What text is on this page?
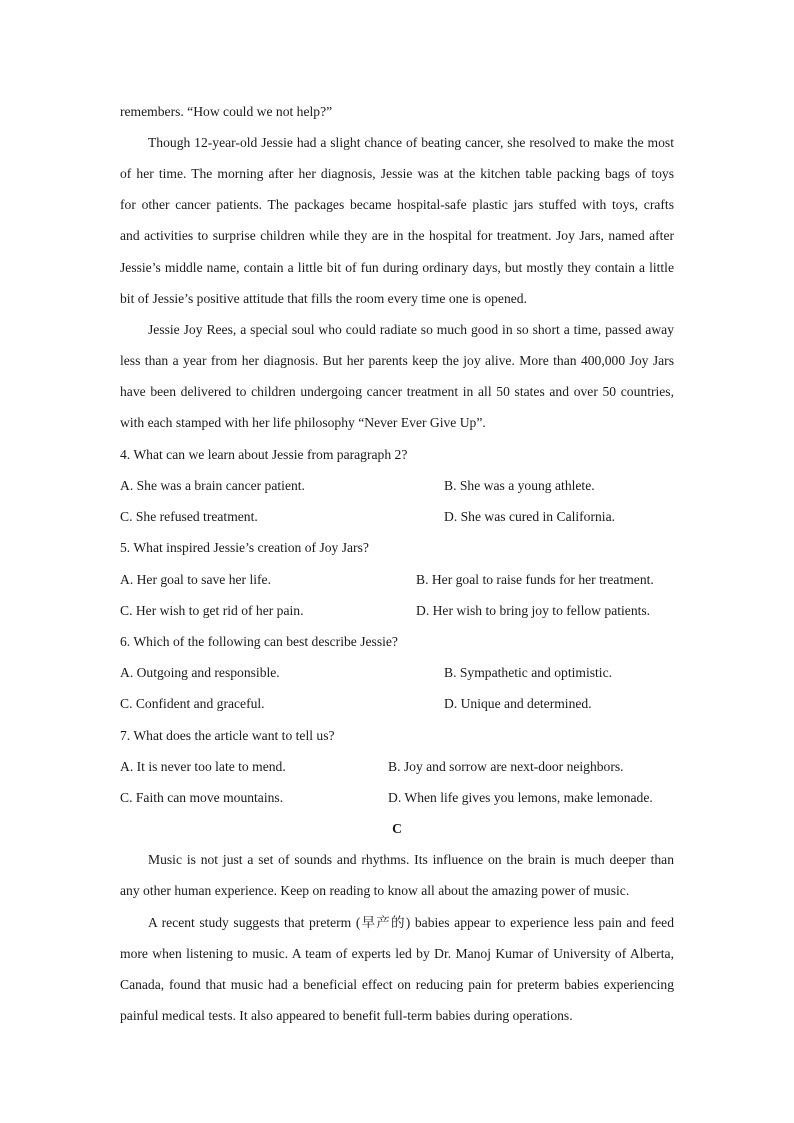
remembers. “How could we not help?”
Though 12-year-old Jessie had a slight chance of beating cancer, she resolved to make the most
of her time. The morning after her diagnosis, Jessie was at the kitchen table packing bags of toys
for other cancer patients. The packages became hospital-safe plastic jars stuffed with toys, crafts
and activities to surprise children while they are in the hospital for treatment. Joy Jars, named after
Jessie’s middle name, contain a little bit of fun during ordinary days, but mostly they contain a little
bit of Jessie’s positive attitude that fills the room every time one is opened.
Jessie Joy Rees, a special soul who could radiate so much good in so short a time, passed away
less than a year from her diagnosis. But her parents keep the joy alive. More than 400,000 Joy Jars
have been delivered to children undergoing cancer treatment in all 50 states and over 50 countries,
with each stamped with her life philosophy “Never Ever Give Up”.
4. What can we learn about Jessie from paragraph 2?
A. She was a brain cancer patient.	B. She was a young athlete.
C. She refused treatment.	D. She was cured in California.
5. What inspired Jessie’s creation of Joy Jars?
A. Her goal to save her life.	B. Her goal to raise funds for her treatment.
C. Her wish to get rid of her pain.	D. Her wish to bring joy to fellow patients.
6. Which of the following can best describe Jessie?
A. Outgoing and responsible.	B. Sympathetic and optimistic.
C. Confident and graceful.	D. Unique and determined.
7. What does the article want to tell us?
A. It is never too late to mend.	B. Joy and sorrow are next-door neighbors.
C. Faith can move mountains.	D. When life gives you lemons, make lemonade.
C
Music is not just a set of sounds and rhythms. Its influence on the brain is much deeper than
any other human experience. Keep on reading to know all about the amazing power of music.
A recent study suggests that preterm (早产的) babies appear to experience less pain and feed
more when listening to music. A team of experts led by Dr. Manoj Kumar of University of Alberta,
Canada, found that music had a beneficial effect on reducing pain for preterm babies experiencing
painful medical tests. It also appeared to benefit full-term babies during operations.
